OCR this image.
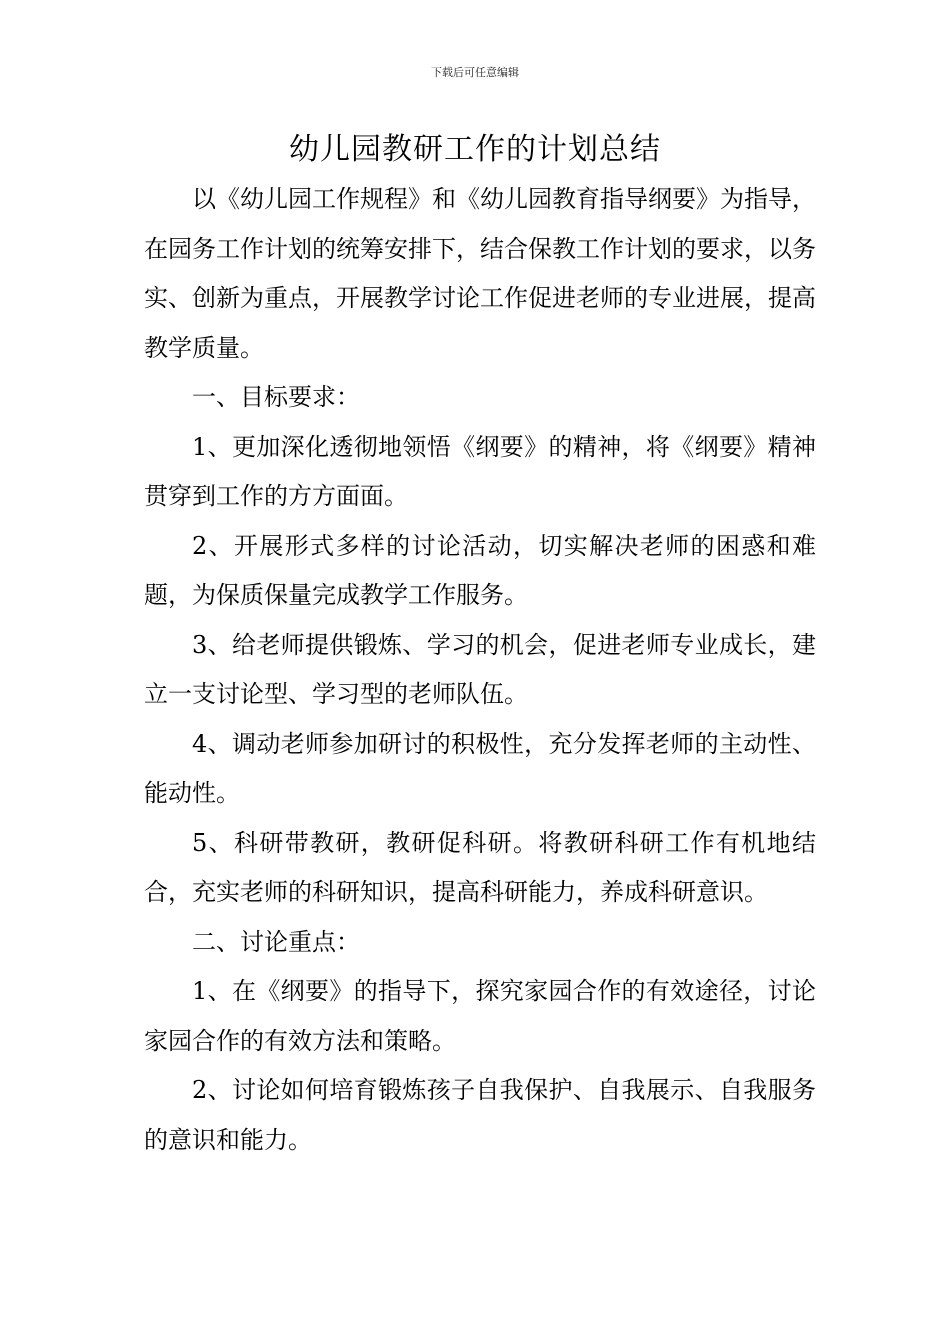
下载后可任意编辑
幼儿园教研工作的计划总结

以《幼儿园工作规程》和《幼儿园教育指导纲要》为指导，在园务工作计划的统筹安排下，结合保教工作计划的要求，以务实、创新为重点，开展教学讨论工作促进老师的专业进展，提高教学质量。

一、目标要求：

1、更加深化透彻地领悟《纲要》的精神，将《纲要》精神贯穿到工作的方方面面。

2、开展形式多样的讨论活动，切实解决老师的困惑和难题，为保质保量完成教学工作服务。

3、给老师提供锻炼、学习的机会，促进老师专业成长，建立一支讨论型、学习型的老师队伍。

4、调动老师参加研讨的积极性，充分发挥老师的主动性、能动性。

5、科研带教研，教研促科研。将教研科研工作有机地结合，充实老师的科研知识，提高科研能力，养成科研意识。

二、讨论重点：

1、在《纲要》的指导下，探究家园合作的有效途径，讨论家园合作的有效方法和策略。

2、讨论如何培育锻炼孩子自我保护、自我展示、自我服务的意识和能力。
